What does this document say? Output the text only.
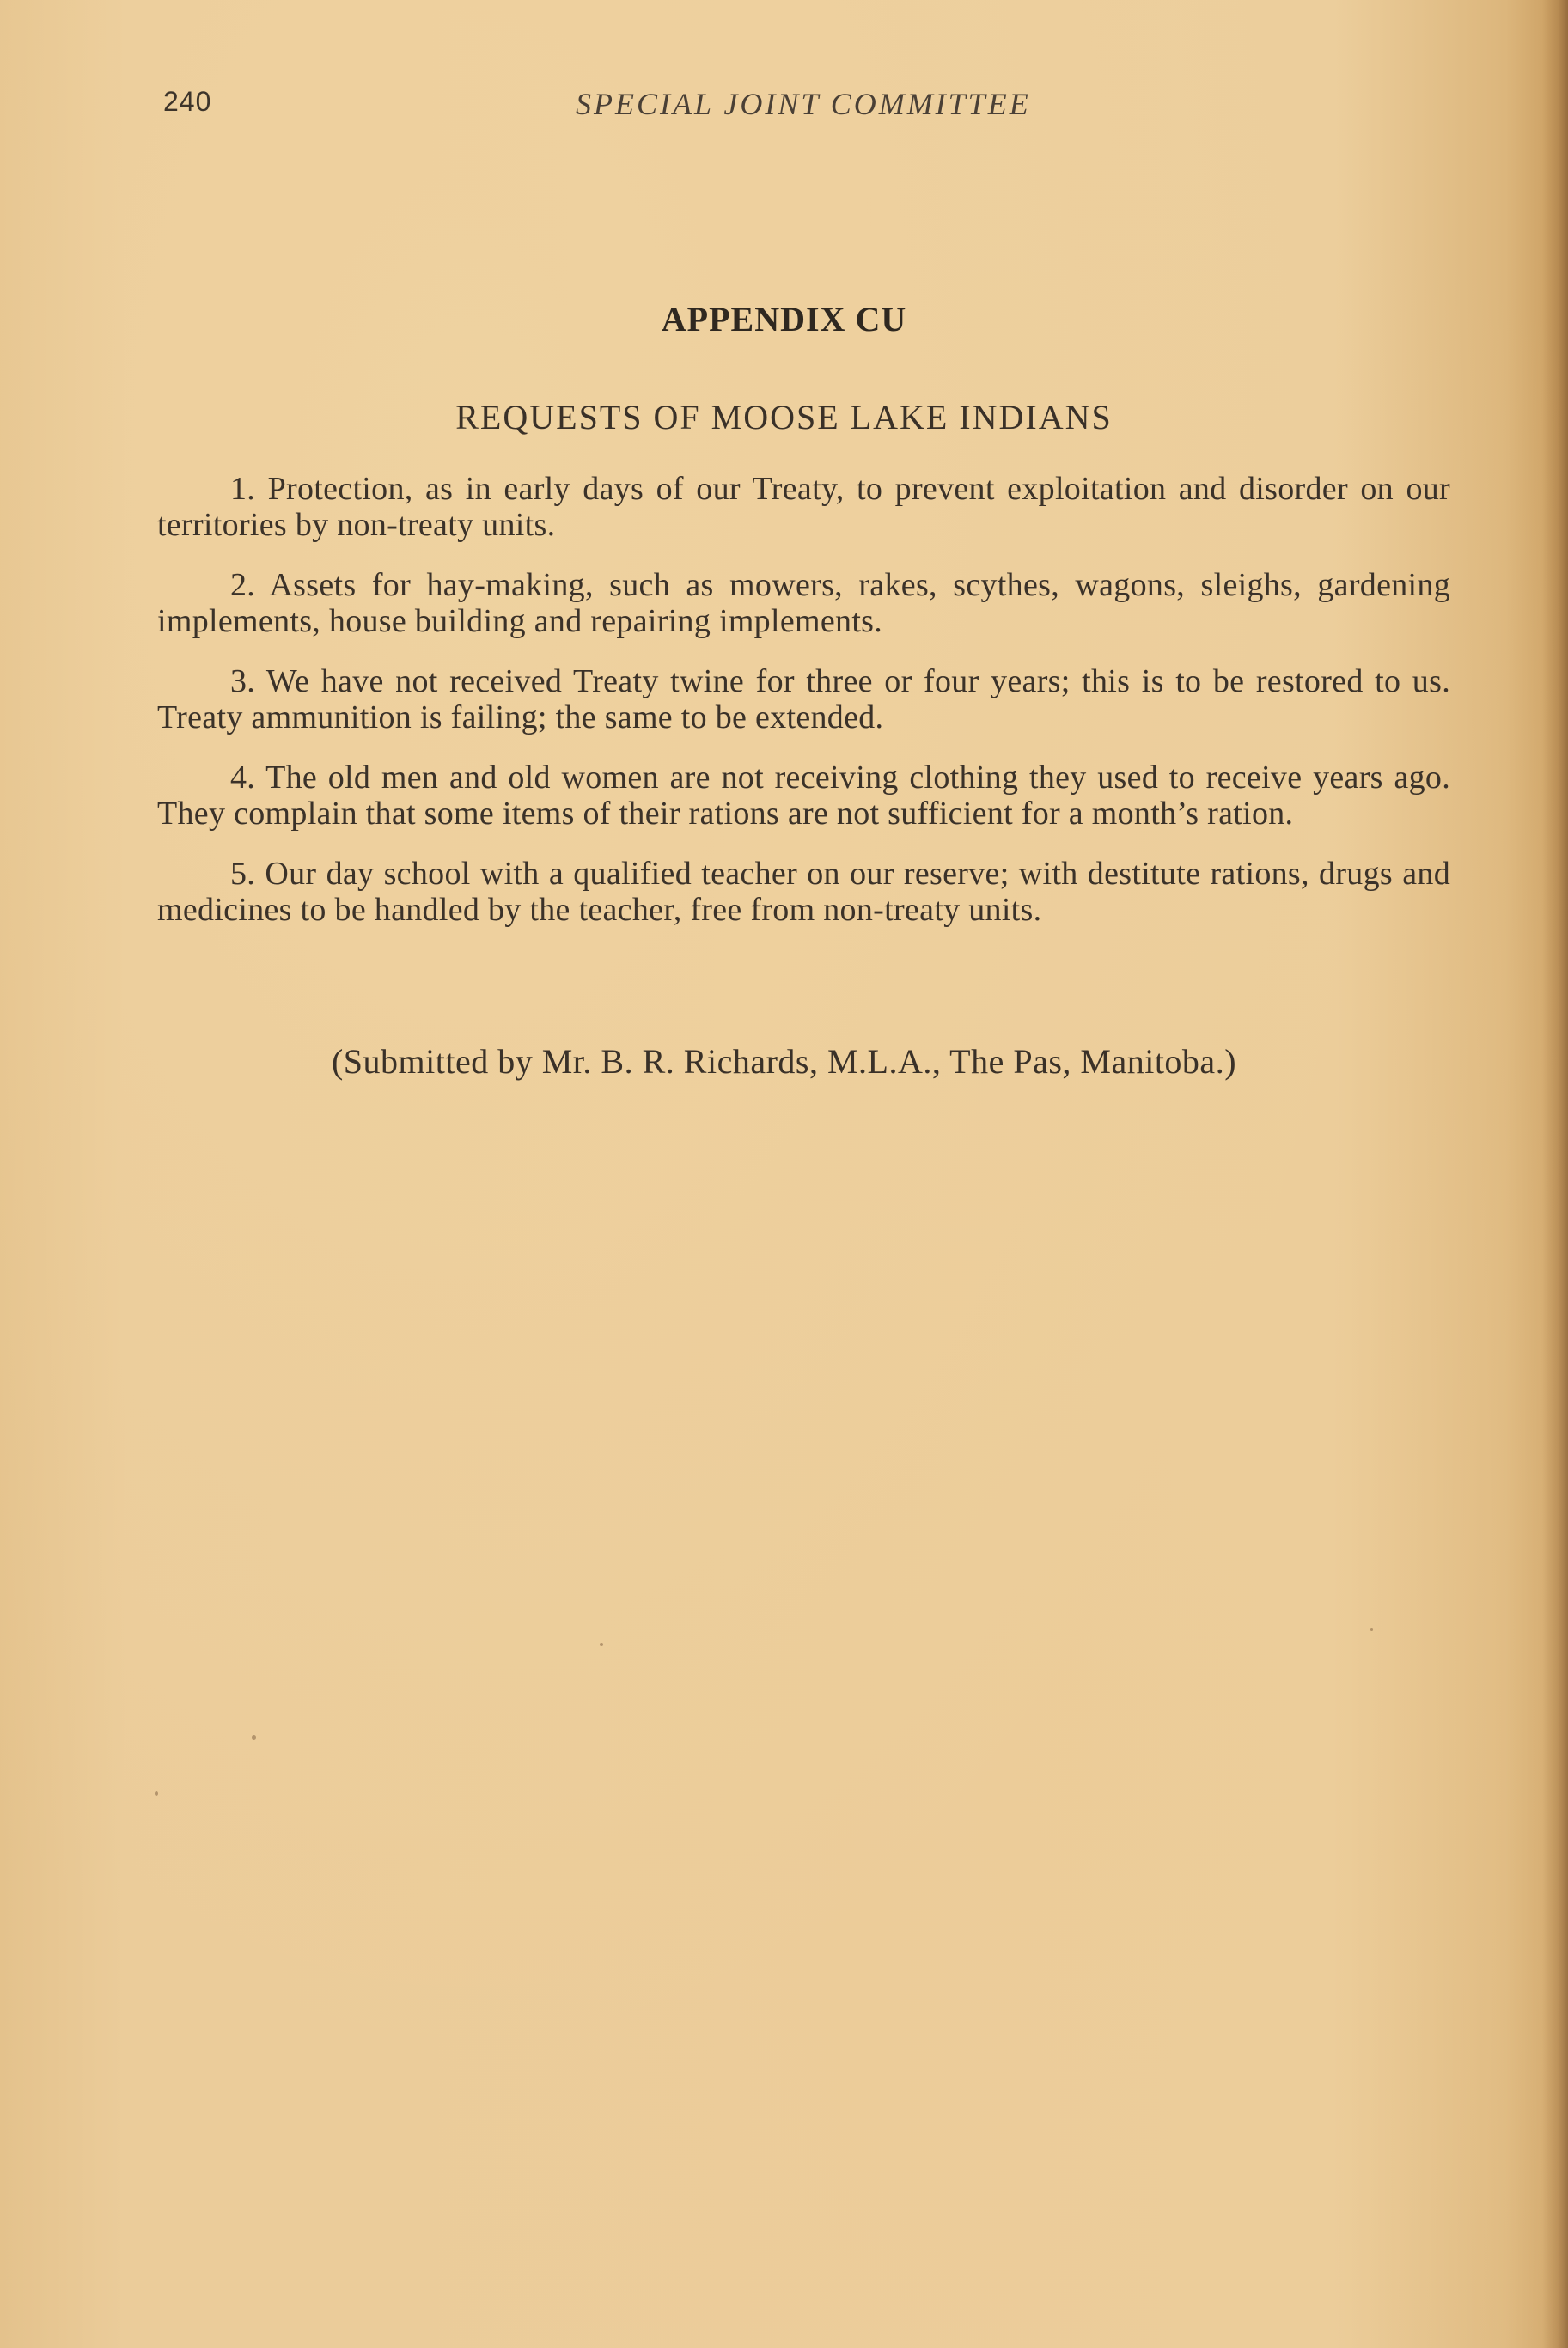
240	SPECIAL JOINT COMMITTEE
APPENDIX CU
REQUESTS OF MOOSE LAKE INDIANS

1. Protection, as in early days of our Treaty, to prevent exploitation and disorder on our territories by non-treaty units.

2. Assets for hay-making, such as mowers, rakes, scythes, wagons, sleighs, gardening implements, house building and repairing implements.

3. We have not received Treaty twine for three or four years; this is to be restored to us. Treaty ammunition is failing; the same to be extended.

4. The old men and old women are not receiving clothing they used to receive years ago. They complain that some items of their rations are not sufficient for a month’s ration.

5. Our day school with a qualified teacher on our reserve; with destitute rations, drugs and medicines to be handled by the teacher, free from non-treaty units.

(Submitted by Mr. B. R. Richards, M.L.A., The Pas, Manitoba.)
